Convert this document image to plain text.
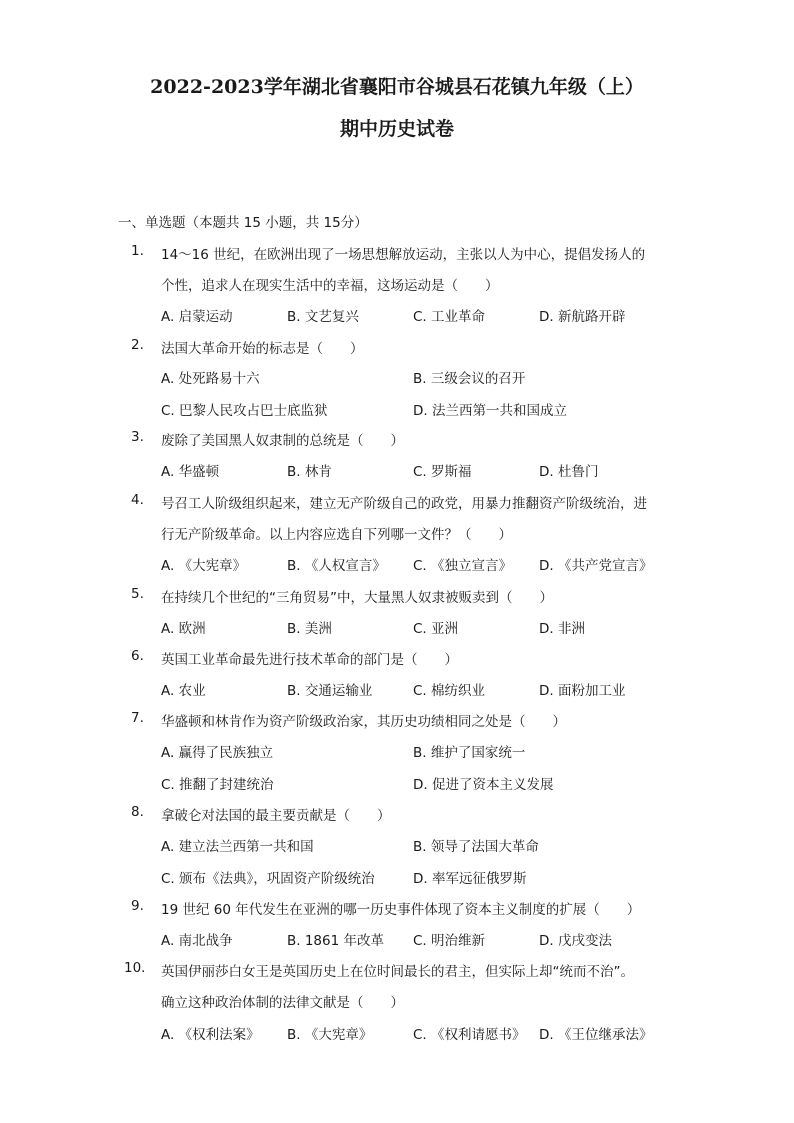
2022-2023学年湖北省襄阳市谷城县石花镇九年级（上）
期中历史试卷
一、单选题（本题共 15 小题，共 15分）
1. 14～16 世纪，在欧洲出现了一场思想解放运动，主张以人为中心，提倡发扬人的
个性，追求人在现实生活中的幸福，这场运动是（　　）
A. 启蒙运动	B. 文艺复兴	C. 工业革命	D. 新航路开辟
2. 法国大革命开始的标志是（　　）
A. 处死路易十六	B. 三级会议的召开
C. 巴黎人民攻占巴士底监狱	D. 法兰西第一共和国成立
3. 废除了美国黑人奴隶制的总统是（　　）
A. 华盛顿	B. 林肯	C. 罗斯福	D. 杜鲁门
4. 号召工人阶级组织起来，建立无产阶级自己的政党，用暴力推翻资产阶级统治，进
行无产阶级革命。以上内容应选自下列哪一文件？（　　）
A. 《大宪章》	B. 《人权宣言》 C. 《独立宣言》 D. 《共产党宣言》
5. 在持续几个世纪的“三角贸易”中，大量黑人奴隶被贩卖到（　　）
A. 欧洲	B. 美洲	C. 亚洲	D. 非洲
6. 英国工业革命最先进行技术革命的部门是（　　）
A. 农业	B. 交通运输业	C. 棉纺织业	D. 面粉加工业
7. 华盛顿和林肯作为资产阶级政治家，其历史功绩相同之处是（　　）
A. 赢得了民族独立	B. 维护了国家统一
C. 推翻了封建统治	D. 促进了资本主义发展
8. 拿破仑对法国的最主要贡献是（　　）
A. 建立法兰西第一共和国	B. 领导了法国大革命
C. 颁布《法典》，巩固资产阶级统治	D. 率军远征俄罗斯
9. 19 世纪 60 年代发生在亚洲的哪一历史事件体现了资本主义制度的扩展（　　）
A. 南北战争	B. 1861 年改革 C. 明治维新	D. 戊戌变法
10. 英国伊丽莎白女王是英国历史上在位时间最长的君主，但实际上却“统而不治”。
确立这种政治体制的法律文献是（　　）
A. 《权利法案》 B. 《大宪章》	C. 《权利请愿书》 D. 《王位继承法》
